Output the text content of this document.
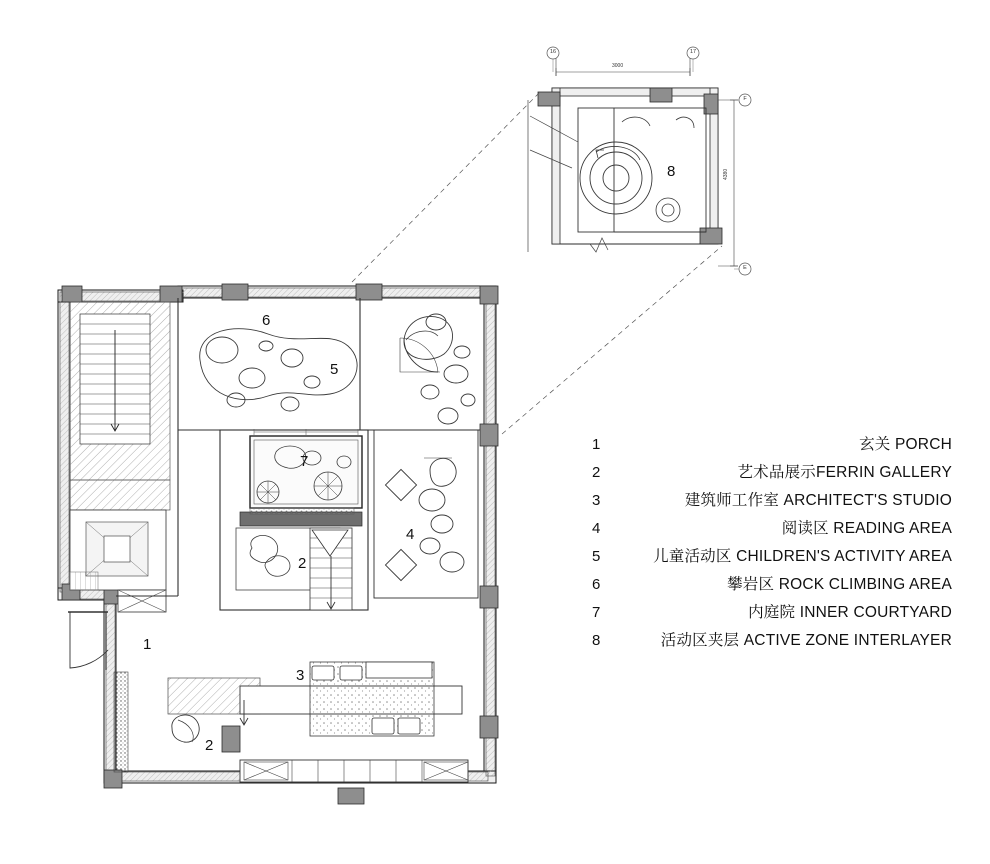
6
5
7
4
2
1
3
2
8
3000
4380
16	17
F
E
1	玄关 PORCH
2	艺术品展示FERRIN GALLERY
3	建筑师工作室 ARCHITECT'S STUDIO
4	阅读区 READING AREA
5	儿童活动区 CHILDREN'S ACTIVITY AREA
6	攀岩区 ROCK CLIMBING AREA
7	内庭院 INNER COURTYARD
8	活动区夹层 ACTIVE ZONE INTERLAYER
